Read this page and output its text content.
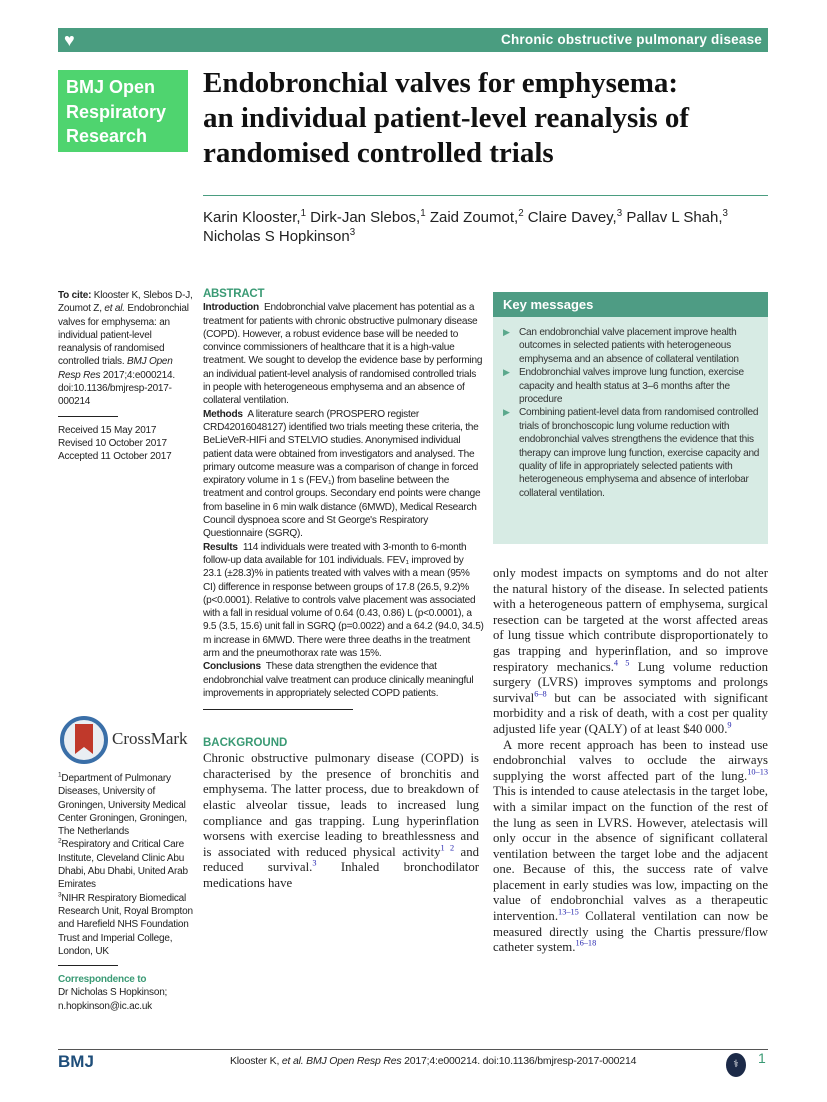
♥	Chronic obstructive pulmonary disease
BMJ Open
Respiratory
Research
Endobronchial valves for emphysema:
an individual patient-level reanalysis of
randomised controlled trials
Karin Klooster,$^1$ Dirk-Jan Slebos,$^1$ Zaid Zoumot,$^2$ Claire Davey,$^3$ Pallav L Shah,$^3$
Nicholas S Hopkinson$^3$
To cite: Klooster K, Slebos D-J, Zoumot Z, et al. Endobronchial valves for emphysema: an individual patient-level reanalysis of randomised controlled trials. BMJ Open Resp Res 2017;4:e000214. doi:10.1136/bmjresp-2017-000214
Received 15 May 2017
Revised 10 October 2017
Accepted 11 October 2017
CrossMark
$^1$Department of Pulmonary Diseases, University of Groningen, University Medical Center Groningen, Groningen, The Netherlands
$^2$Respiratory and Critical Care Institute, Cleveland Clinic Abu Dhabi, Abu Dhabi, United Arab Emirates
$^3$NIHR Respiratory Biomedical Research Unit, Royal Brompton and Harefield NHS Foundation Trust and Imperial College, London, UK
Correspondence to
Dr Nicholas S Hopkinson;
n.hopkinson@ic.ac.uk
ABSTRACT
Introduction Endobronchial valve placement has potential as a treatment for patients with chronic obstructive pulmonary disease (COPD). However, a robust evidence base will be needed to convince commissioners of healthcare that it is a high-value treatment. We sought to develop the evidence base by performing an individual patient-level analysis of randomised controlled trials in people with heterogeneous emphysema and an absence of collateral ventilation.
Methods A literature search (PROSPERO register CRD42016048127) identified two trials meeting these criteria, the BeLieVeR-HIFi and STELVIO studies. Anonymised individual patient data were obtained from investigators and analysed. The primary outcome measure was a comparison of change in forced expiratory volume in 1 s (FEV₁) from baseline between the treatment and control groups. Secondary end points were change from baseline in 6 min walk distance (6MWD), Medical Research Council dyspnoea score and St George's Respiratory Questionnaire (SGRQ).
Results 114 individuals were treated with 3-month to 6-month follow-up data available for 101 individuals. FEV₁ improved by 23.1 (±28.3)% in patients treated with valves with a mean (95% CI) difference in response between groups of 17.8 (26.5, 9.2)% (p<0.0001). Relative to controls valve placement was associated with a fall in residual volume of 0.64 (0.43, 0.86) L (p<0.0001), a 9.5 (3.5, 15.6) unit fall in SGRQ (p=0.0022) and a 64.2 (94.0, 34.5) m increase in 6MWD. There were three deaths in the treatment arm and the pneumothorax rate was 15%.
Conclusions These data strengthen the evidence that endobronchial valve treatment can produce clinically meaningful improvements in appropriately selected COPD patients.
BACKGROUND
Chronic obstructive pulmonary disease (COPD) is characterised by the presence of bronchitis and emphysema. The latter process, due to breakdown of elastic alveolar tissue, leads to increased lung compliance and gas trapping. Lung hyperinflation worsens with exercise leading to breathlessness and is associated with reduced physical activity$^{1 2}$ and reduced survival.$^3$ Inhaled bronchodilator medications have
Key messages
▶ Can endobronchial valve placement improve health outcomes in selected patients with heterogeneous emphysema and an absence of collateral ventilation
▶ Endobronchial valves improve lung function, exercise capacity and health status at 3–6 months after the procedure
▶ Combining patient-level data from randomised controlled trials of bronchoscopic lung volume reduction with endobronchial valves strengthens the evidence that this therapy can improve lung function, exercise capacity and quality of life in appropriately selected patients with heterogeneous emphysema and absence of interlobar collateral ventilation.
only modest impacts on symptoms and do not alter the natural history of the disease. In selected patients with a heterogeneous pattern of emphysema, surgical resection can be targeted at the worst affected areas of lung tissue which contribute disproportionately to gas trapping and hyperinflation, and so improve respiratory mechanics.$^{4 5}$ Lung volume reduction surgery (LVRS) improves symptoms and prolongs survival$^{6-8}$ but can be associated with significant morbidity and a risk of death, with a cost per quality adjusted life year (QALY) of at least $40 000.$^9$
A more recent approach has been to instead use endobronchial valves to occlude the airways supplying the worst affected part of the lung.$^{10-13}$ This is intended to cause atelectasis in the target lobe, with a similar impact on the function of the rest of the lung as seen in LVRS. However, atelectasis will only occur in the absence of significant collateral ventilation between the target lobe and the adjacent one. Because of this, the success rate of valve placement in early studies was low, impacting on the value of endobronchial valves as a therapeutic intervention.$^{13-15}$ Collateral ventilation can now be measured directly using the Chartis pressure/flow catheter system.$^{16-18}$
BMJ	Klooster K, et al. BMJ Open Resp Res 2017;4:e000214. doi:10.1136/bmjresp-2017-000214	⚕	1
